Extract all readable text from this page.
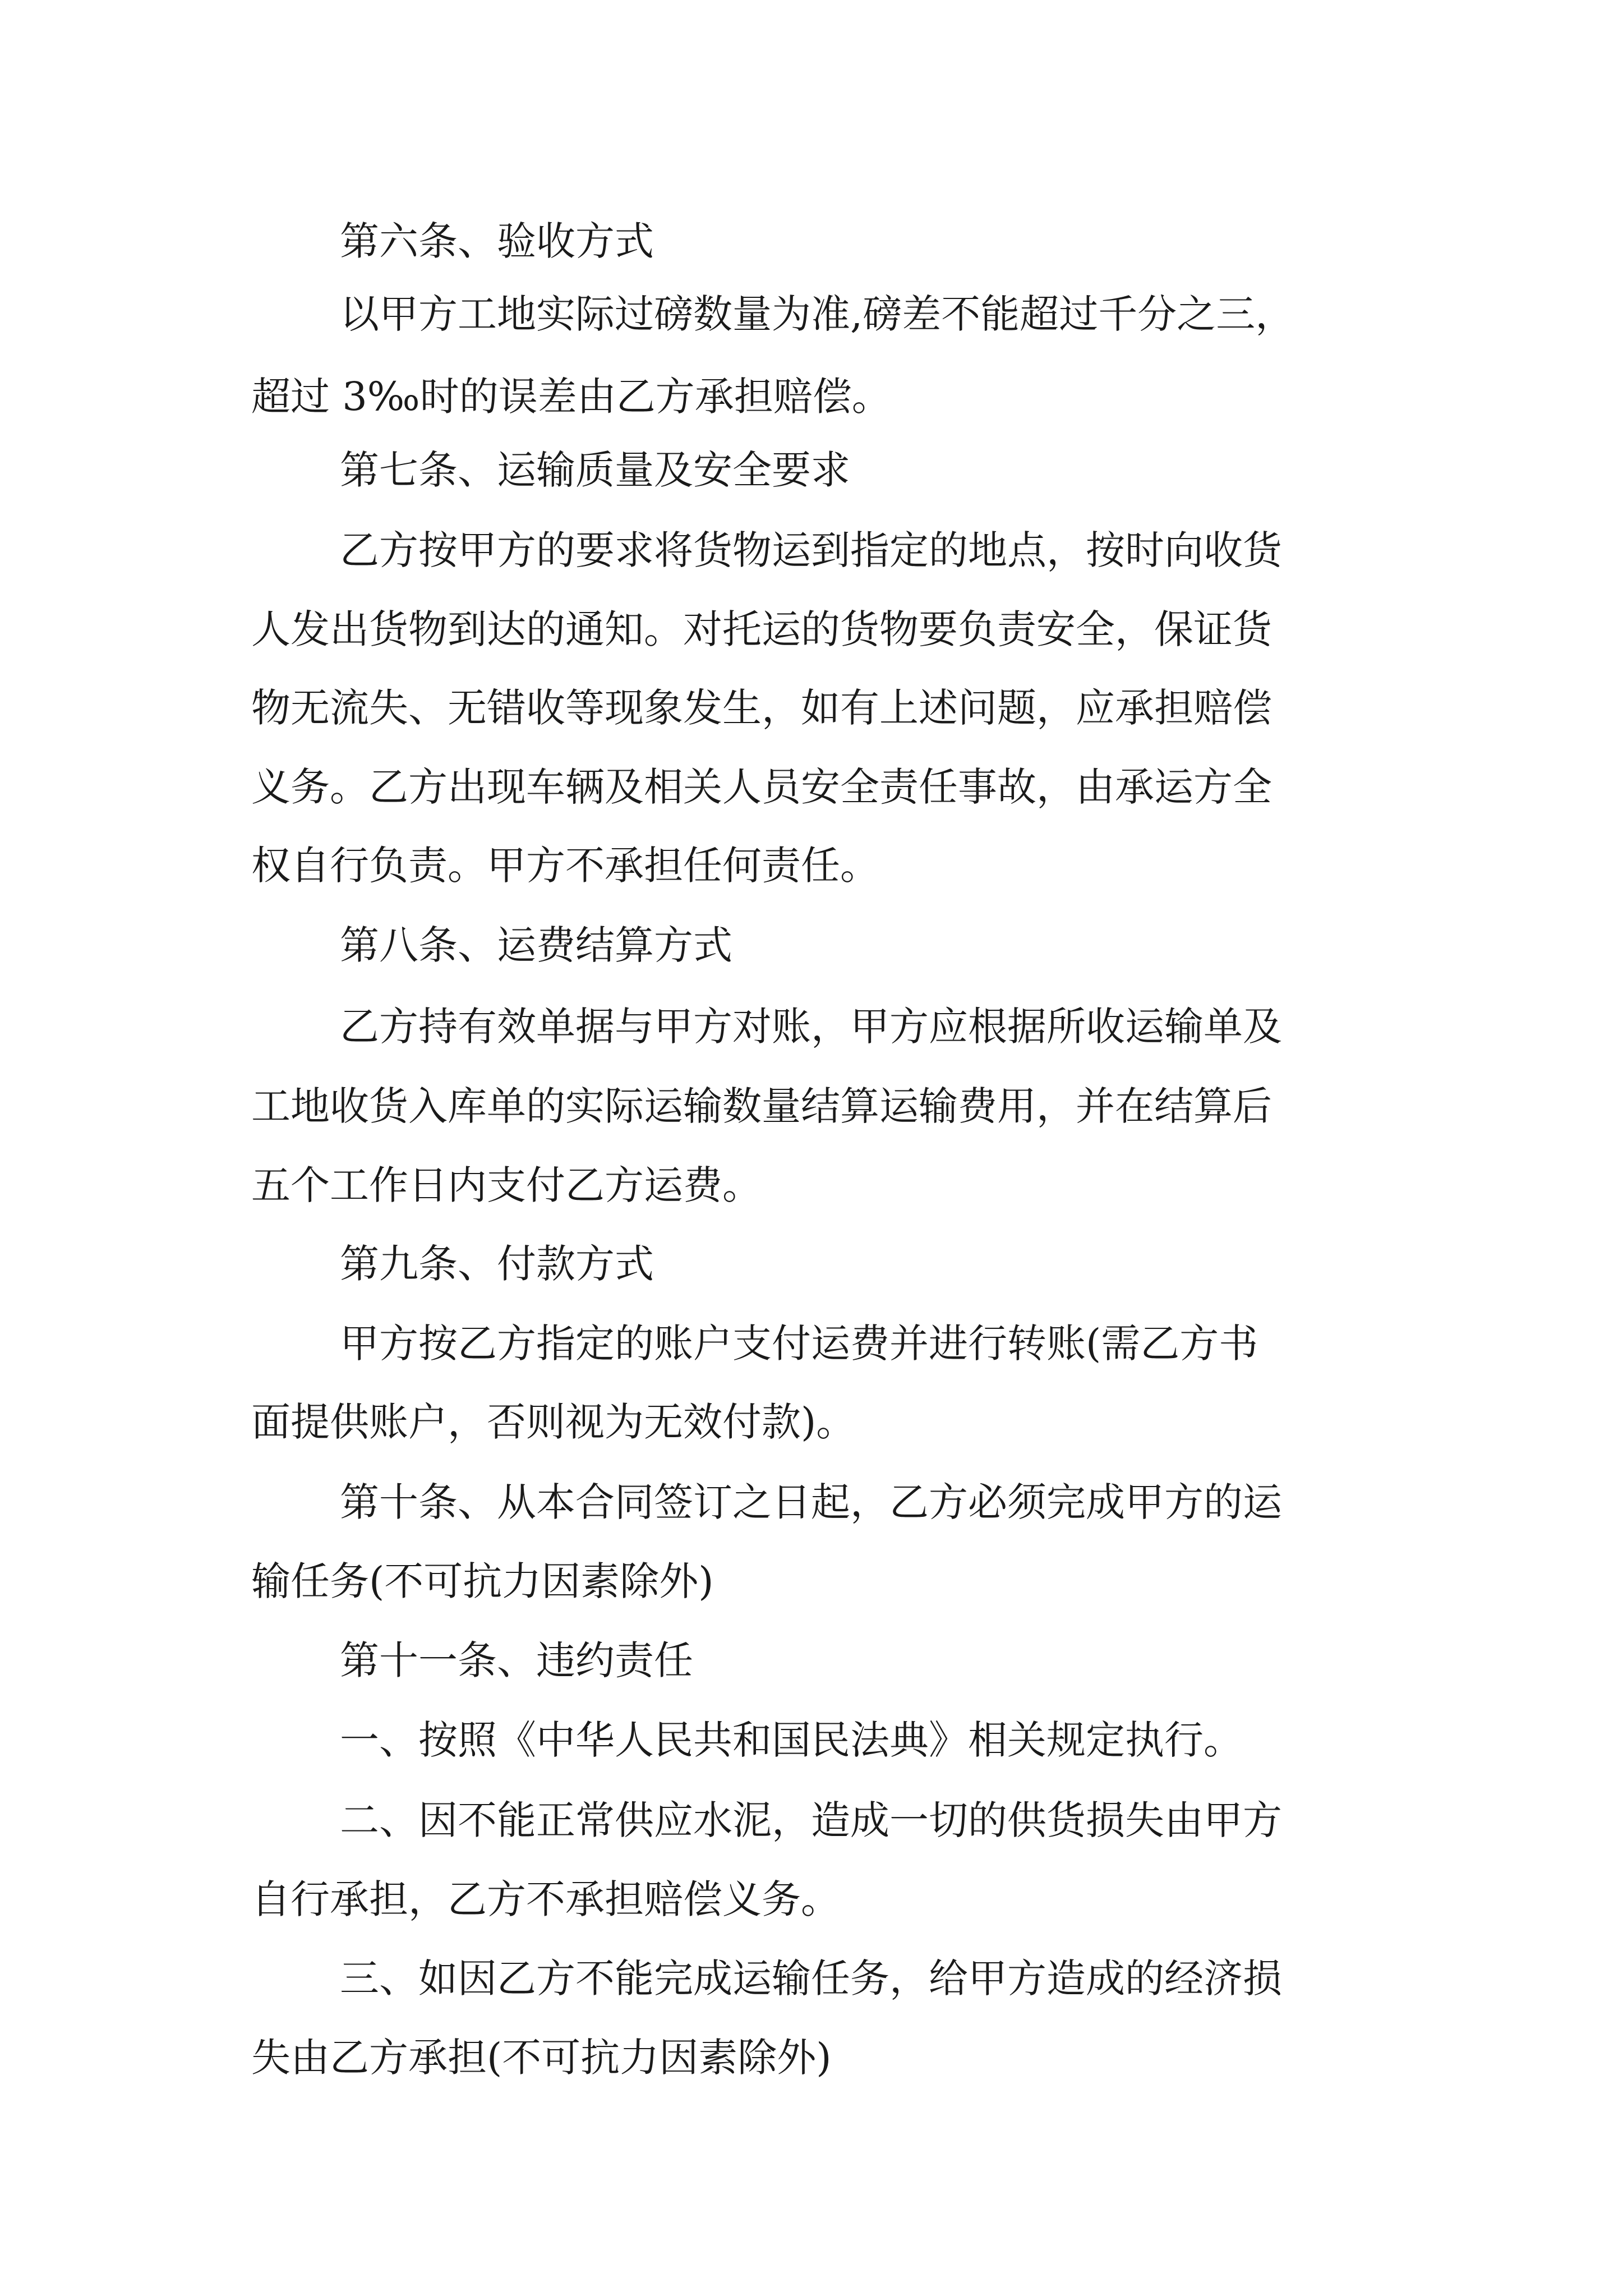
第六条、验收方式

以甲方工地实际过磅数量为准,磅差不能超过千分之三，

超过 3‰时的误差由乙方承担赔偿。

第七条、运输质量及安全要求

乙方按甲方的要求将货物运到指定的地点，按时向收货

人发出货物到达的通知。对托运的货物要负责安全，保证货

物无流失、无错收等现象发生，如有上述问题，应承担赔偿

义务。乙方出现车辆及相关人员安全责任事故，由承运方全

权自行负责。甲方不承担任何责任。

第八条、运费结算方式

乙方持有效单据与甲方对账，甲方应根据所收运输单及

工地收货入库单的实际运输数量结算运输费用，并在结算后

五个工作日内支付乙方运费。

第九条、付款方式

甲方按乙方指定的账户支付运费并进行转账(需乙方书

面提供账户，否则视为无效付款)。

第十条、从本合同签订之日起，乙方必须完成甲方的运

输任务(不可抗力因素除外)

第十一条、违约责任

一、按照《中华人民共和国民法典》相关规定执行。

二、因不能正常供应水泥，造成一切的供货损失由甲方

自行承担，乙方不承担赔偿义务。

三、如因乙方不能完成运输任务，给甲方造成的经济损

失由乙方承担(不可抗力因素除外)
